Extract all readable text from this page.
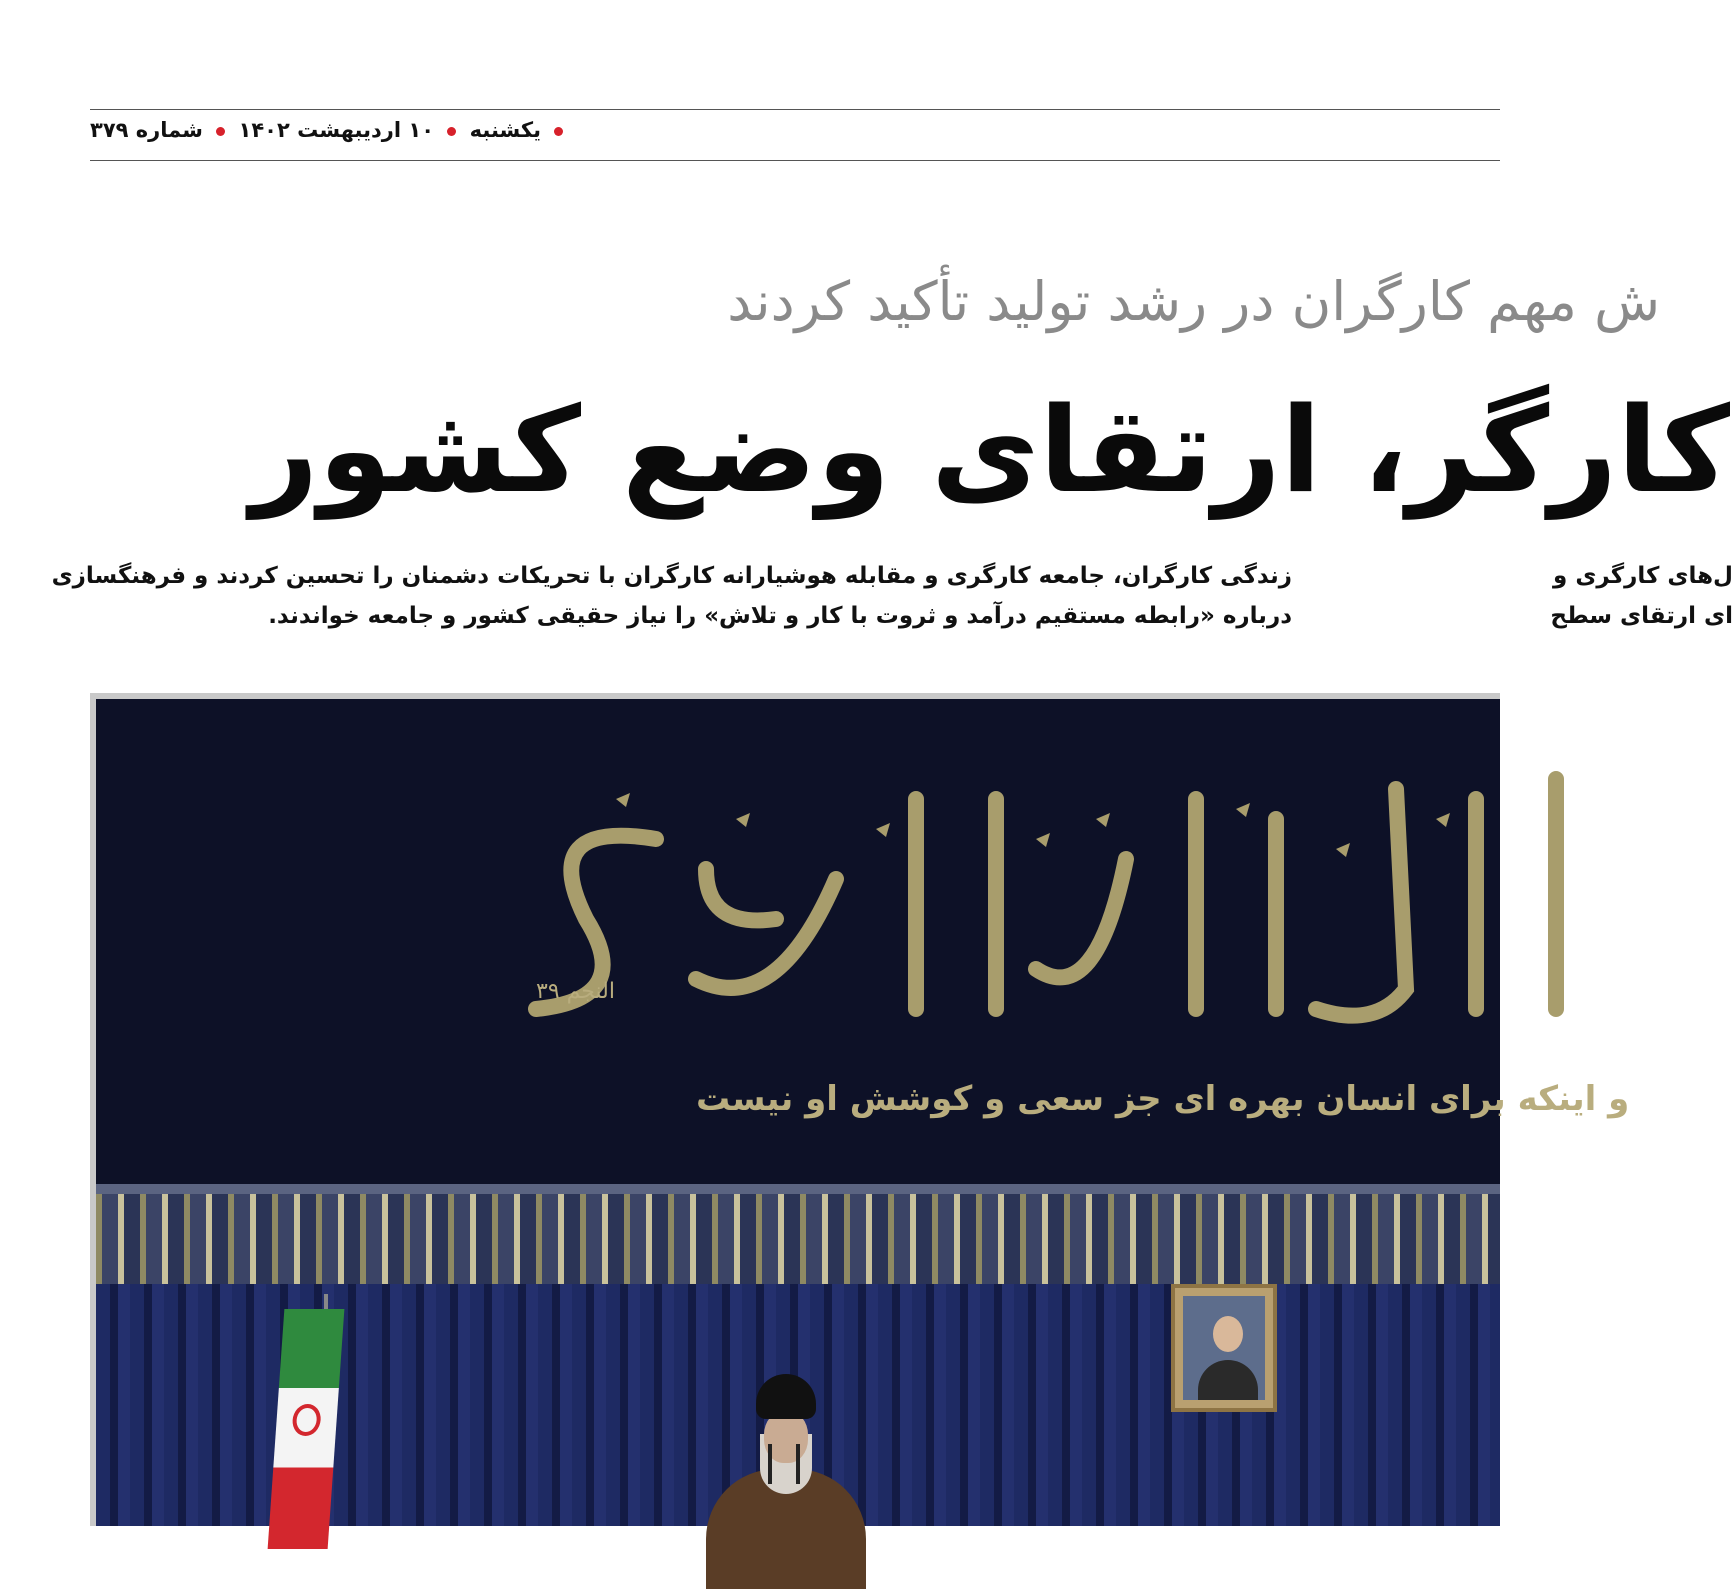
یکشنبه  ۱۰ اردیبهشت ۱۴۰۲  شماره ۳۷۹
ش مهم کارگران در رشد تولید تأکید کردند
کارگر، ارتقای وضع کشور
ل‌های کارگری و
ای ارتقای سطح
زندگی کارگران، جامعه کارگری و مقابله هوشیارانه کارگران با تحریکات دشمنان را تحسین کردند و فرهنگسازی
درباره «رابطه مستقیم درآمد و ثروت با کار و تلاش» را نیاز حقیقی کشور و جامعه خواندند.
النجم ۳۹
و اینکه برای انسان بهره ای جز سعی و کوشش او نیست
